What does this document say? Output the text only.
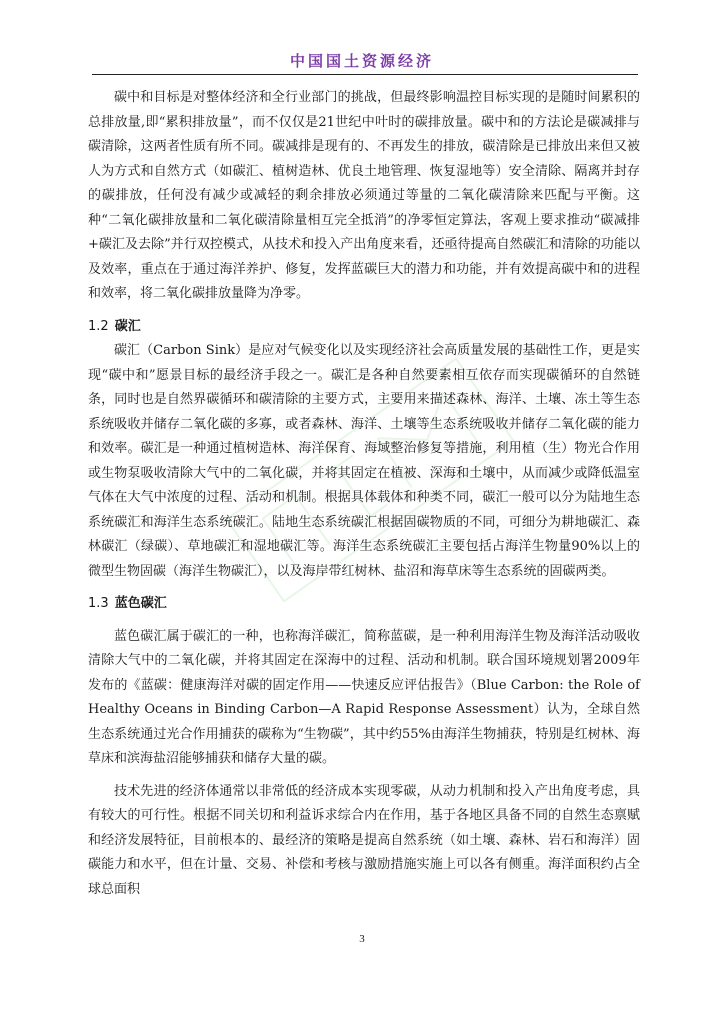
中国国土资源经济

碳中和目标是对整体经济和全行业部门的挑战，但最终影响温控目标实现的是随时间累积的总排放量,即“累积排放量”，而不仅仅是21世纪中叶时的碳排放量。碳中和的方法论是碳减排与碳清除，这两者性质有所不同。碳减排是现有的、不再发生的排放，碳清除是已排放出来但又被人为方式和自然方式（如碳汇、植树造林、优良土地管理、恢复湿地等）安全清除、隔离并封存的碳排放，任何没有减少或减轻的剩余排放必须通过等量的二氧化碳清除来匹配与平衡。这种“二氧化碳排放量和二氧化碳清除量相互完全抵消”的净零恒定算法，客观上要求推动“碳减排+碳汇及去除”并行双控模式，从技术和投入产出角度来看，还亟待提高自然碳汇和清除的功能以及效率，重点在于通过海洋养护、修复，发挥蓝碳巨大的潜力和功能，并有效提高碳中和的进程和效率，将二氧化碳排放量降为净零。

1.2 碳汇

碳汇（Carbon Sink）是应对气候变化以及实现经济社会高质量发展的基础性工作，更是实现“碳中和”愿景目标的最经济手段之一。碳汇是各种自然要素相互依存而实现碳循环的自然链条，同时也是自然界碳循环和碳清除的主要方式，主要用来描述森林、海洋、土壤、冻土等生态系统吸收并储存二氧化碳的多寡，或者森林、海洋、土壤等生态系统吸收并储存二氧化碳的能力和效率。碳汇是一种通过植树造林、海洋保育、海域整治修复等措施，利用植（生）物光合作用或生物泵吸收清除大气中的二氧化碳，并将其固定在植被、深海和土壤中，从而减少或降低温室气体在大气中浓度的过程、活动和机制。根据具体载体和种类不同，碳汇一般可以分为陆地生态系统碳汇和海洋生态系统碳汇。陆地生态系统碳汇根据固碳物质的不同，可细分为耕地碳汇、森林碳汇（绿碳）、草地碳汇和湿地碳汇等。海洋生态系统碳汇主要包括占海洋生物量90%以上的微型生物固碳（海洋生物碳汇），以及海岸带红树林、盐沼和海草床等生态系统的固碳两类。

1.3 蓝色碳汇

蓝色碳汇属于碳汇的一种，也称海洋碳汇，简称蓝碳，是一种利用海洋生物及海洋活动吸收清除大气中的二氧化碳，并将其固定在深海中的过程、活动和机制。联合国环境规划署2009年发布的《蓝碳：健康海洋对碳的固定作用——快速反应评估报告》（Blue Carbon: the Role of Healthy Oceans in Binding Carbon—A Rapid Response Assessment）认为，全球自然生态系统通过光合作用捕获的碳称为“生物碳”，其中约55%由海洋生物捕获，特别是红树林、海草床和滨海盐沼能够捕获和储存大量的碳。

技术先进的经济体通常以非常低的经济成本实现零碳，从动力机制和投入产出角度考虑，具有较大的可行性。根据不同关切和利益诉求综合内在作用，基于各地区具备不同的自然生态禀赋和经济发展特征，目前根本的、最经济的策略是提高自然系统（如土壤、森林、岩石和海洋）固碳能力和水平，但在计量、交易、补偿和考核与激励措施实施上可以各有侧重。海洋面积约占全球总面积

3
